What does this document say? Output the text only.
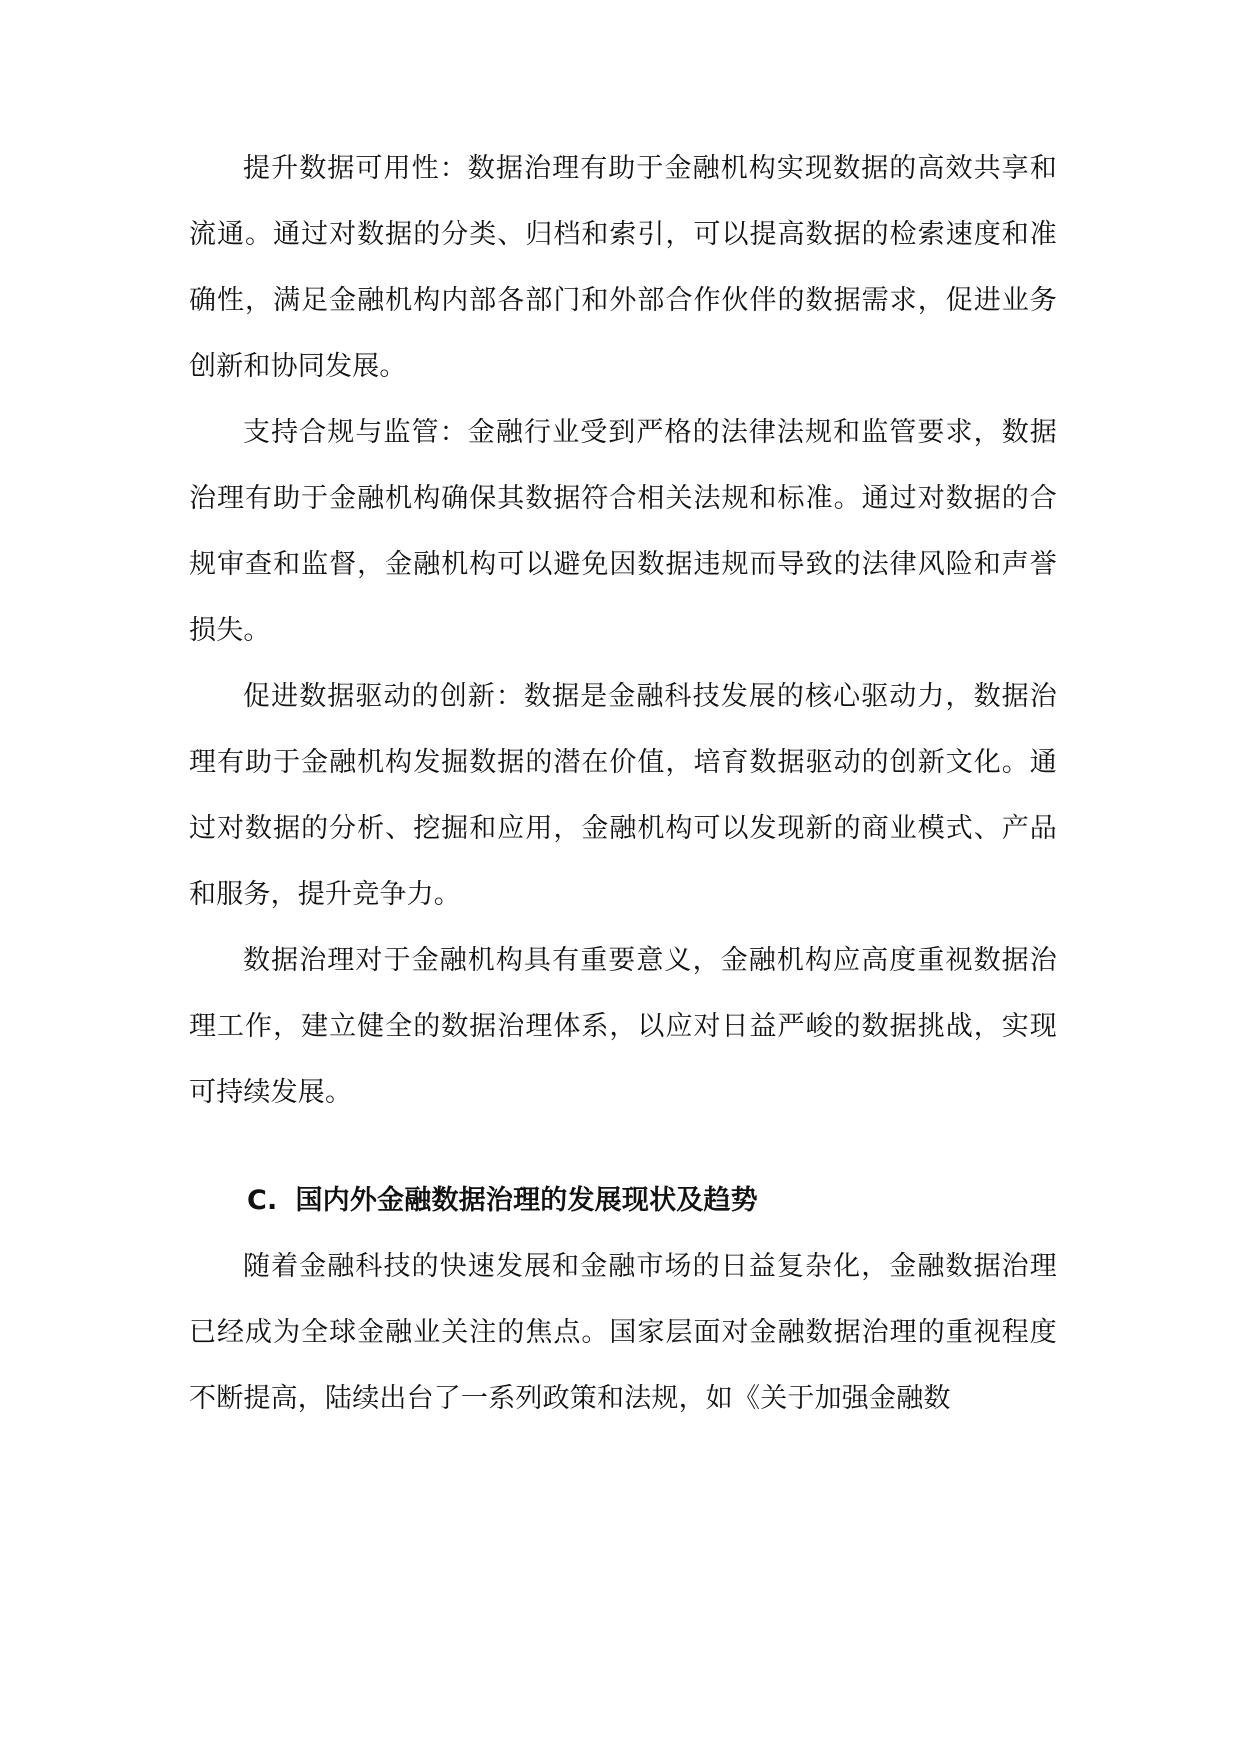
提升数据可用性：数据治理有助于金融机构实现数据的高效共享和流通。通过对数据的分类、归档和索引，可以提高数据的检索速度和准确性，满足金融机构内部各部门和外部合作伙伴的数据需求，促进业务创新和协同发展。

支持合规与监管：金融行业受到严格的法律法规和监管要求，数据治理有助于金融机构确保其数据符合相关法规和标准。通过对数据的合规审查和监督，金融机构可以避免因数据违规而导致的法律风险和声誉损失。

促进数据驱动的创新：数据是金融科技发展的核心驱动力，数据治理有助于金融机构发掘数据的潜在价值，培育数据驱动的创新文化。通过对数据的分析、挖掘和应用，金融机构可以发现新的商业模式、产品和服务，提升竞争力。

数据治理对于金融机构具有重要意义，金融机构应高度重视数据治理工作，建立健全的数据治理体系，以应对日益严峻的数据挑战，实现可持续发展。

C. 国内外金融数据治理的发展现状及趋势

随着金融科技的快速发展和金融市场的日益复杂化，金融数据治理已经成为全球金融业关注的焦点。国家层面对金融数据治理的重视程度不断提高，陆续出台了一系列政策和法规，如《关于加强金融数
